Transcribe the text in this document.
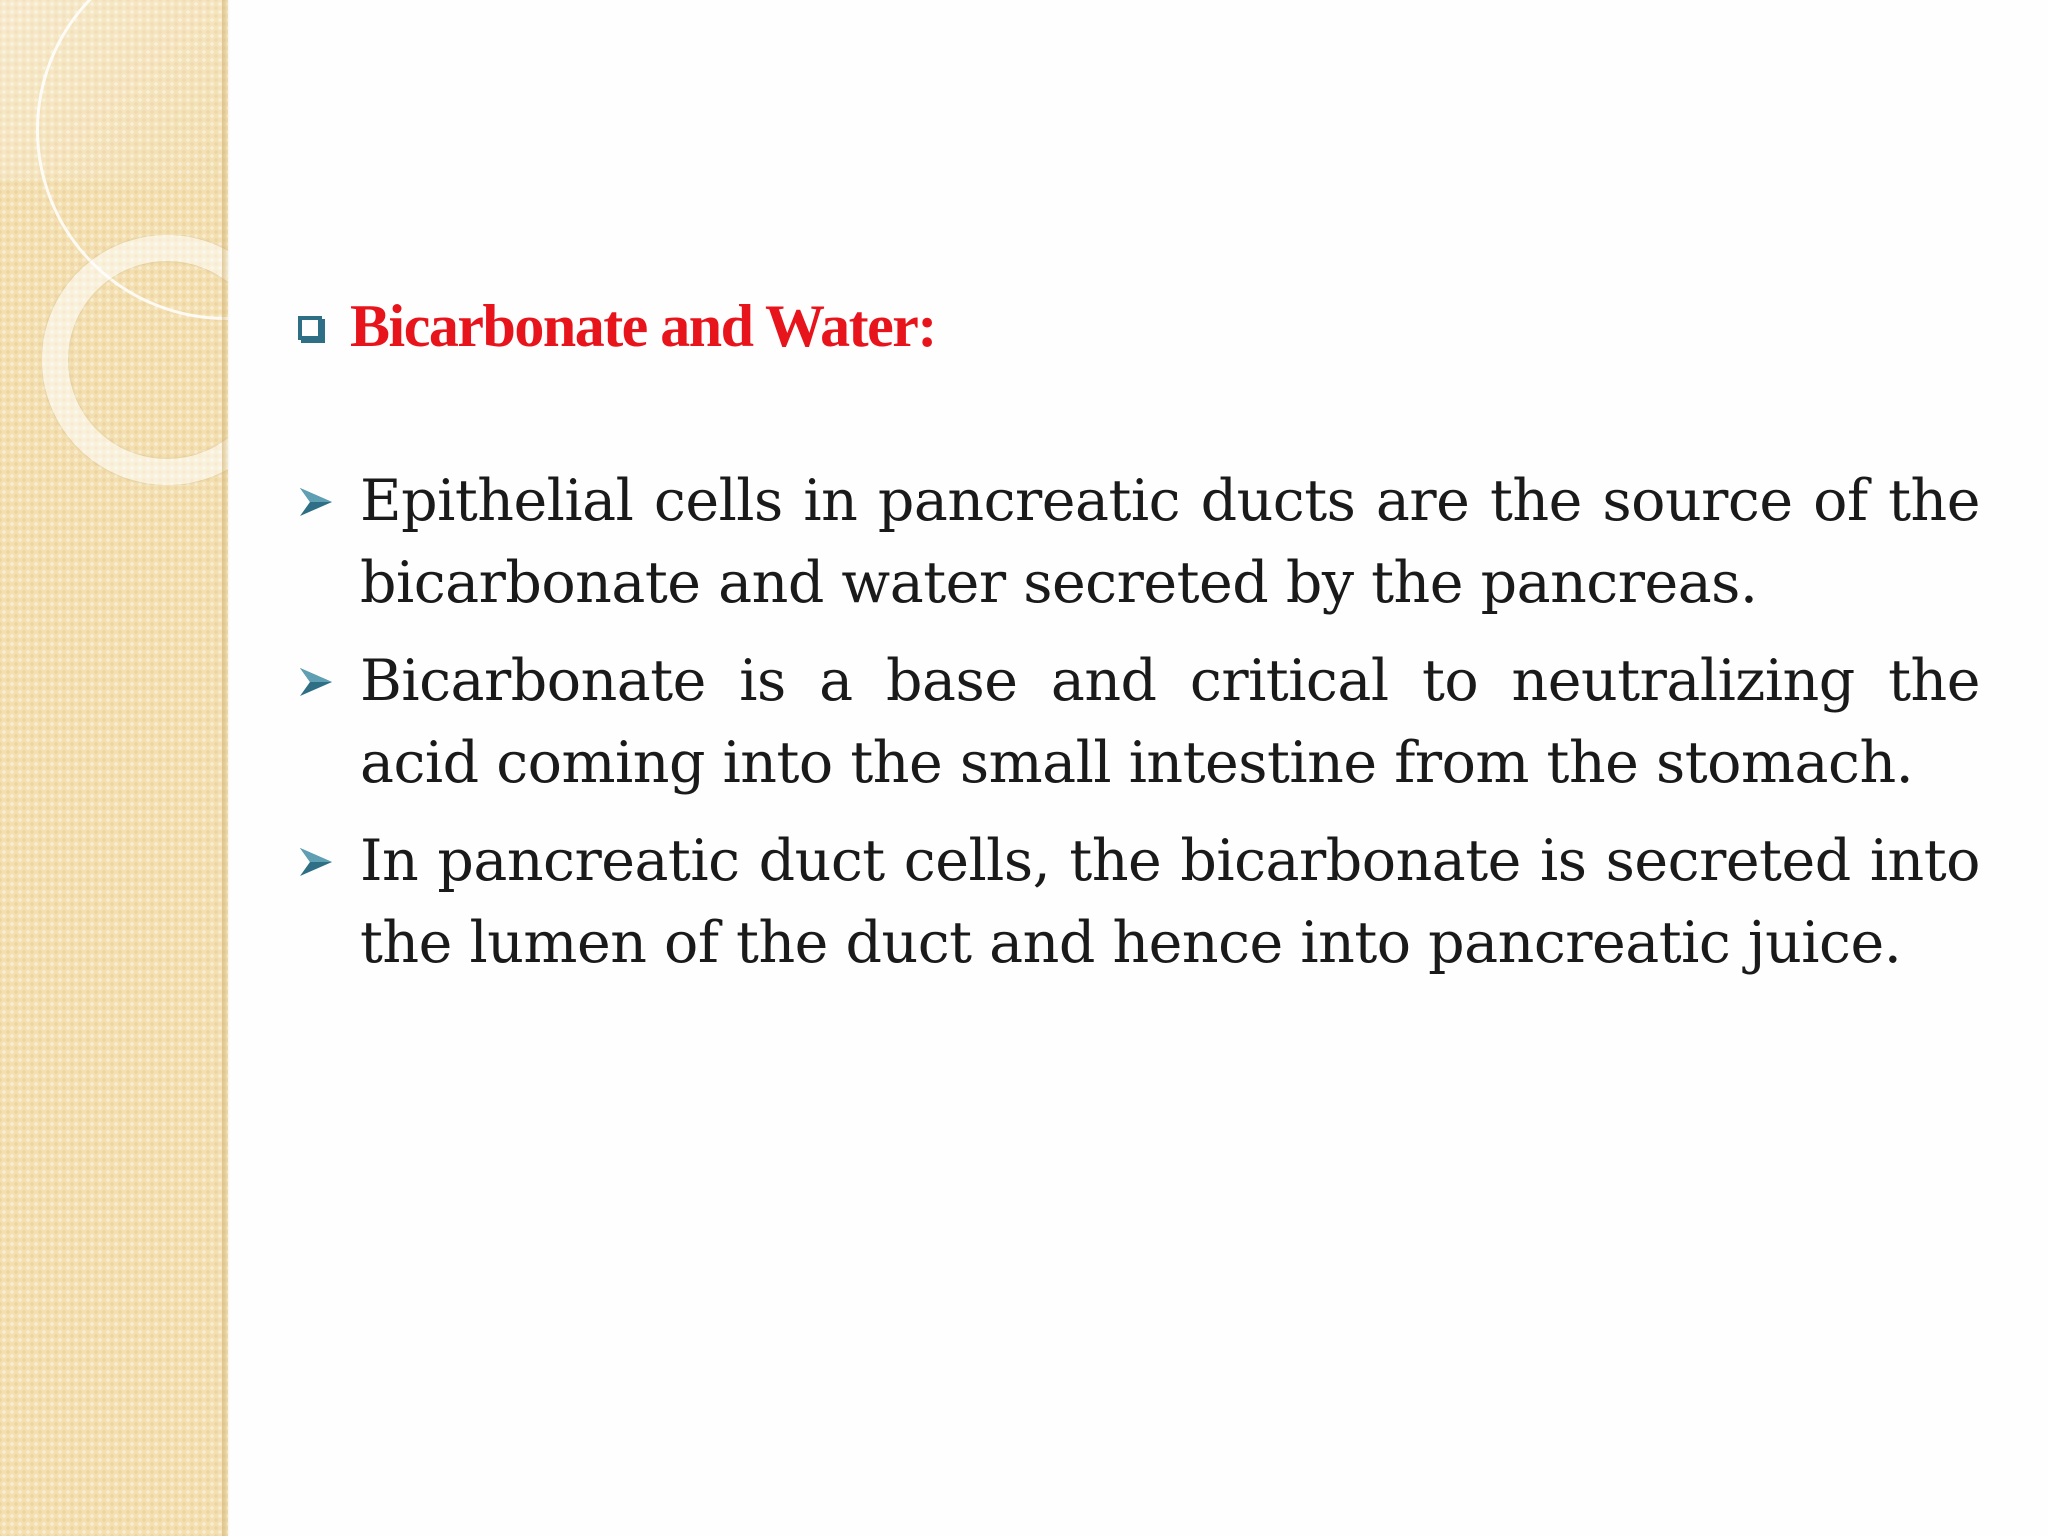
Bicarbonate and Water:
Epithelial cells in pancreatic ducts are the source of the bicarbonate and water secreted by the pancreas.
Bicarbonate is a base and critical to neutralizing the acid coming into the small intestine from the stomach.
In pancreatic duct cells, the bicarbonate is secreted into the lumen of the duct and hence into pancreatic juice.
